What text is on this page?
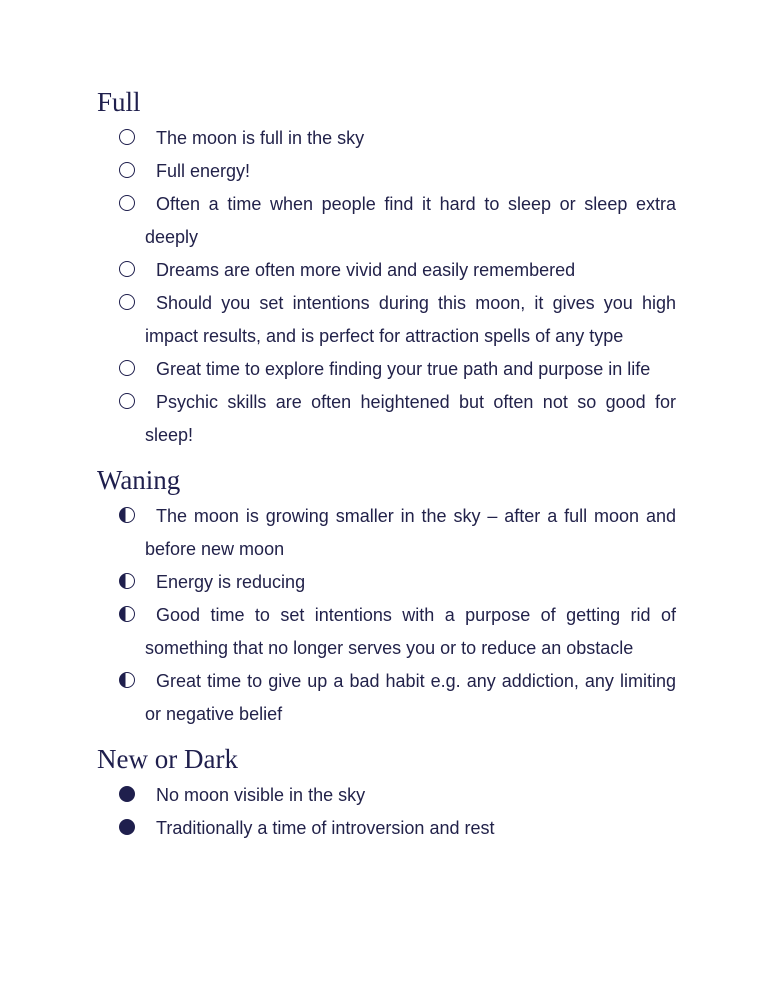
Full
The moon is full in the sky
Full energy!
Often a time when people find it hard to sleep or sleep extra deeply
Dreams are often more vivid and easily remembered
Should you set intentions during this moon, it gives you high impact results, and is perfect for attraction spells of any type
Great time to explore finding your true path and purpose in life
Psychic skills are often heightened but often not so good for sleep!
Waning
The moon is growing smaller in the sky – after a full moon and before new moon
Energy is reducing
Good time to set intentions with a purpose of getting rid of something that no longer serves you or to reduce an obstacle
Great time to give up a bad habit e.g. any addiction, any limiting or negative belief
New or Dark
No moon visible in the sky
Traditionally a time of introversion and rest
